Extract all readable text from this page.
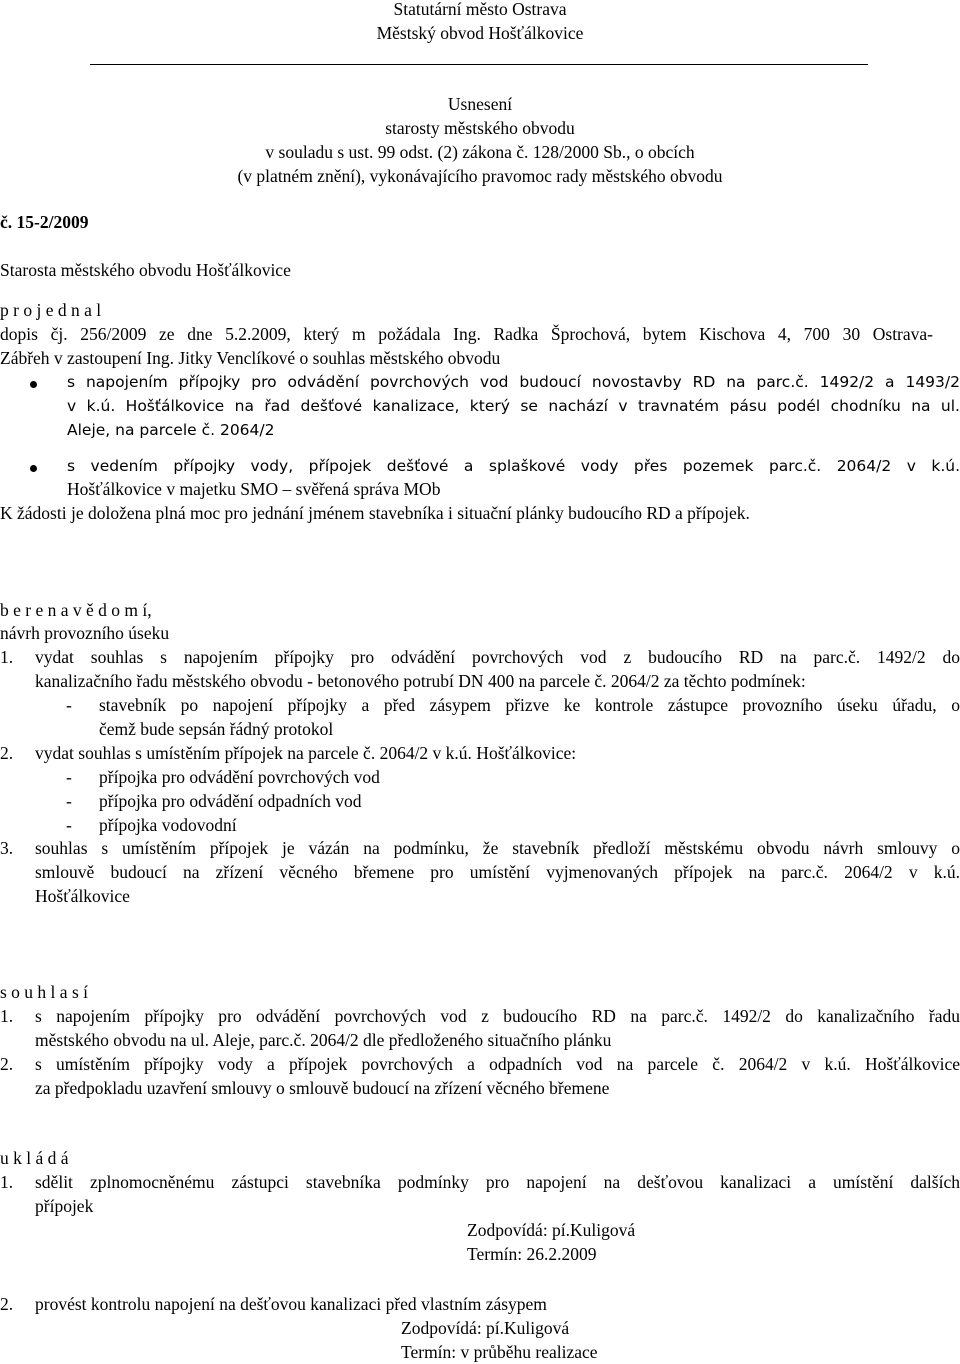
Statutární město Ostrava
Městský obvod Hošťálkovice
Usnesení
starosty městského obvodu
v souladu s ust. 99 odst. (2) zákona č. 128/2000 Sb., o obcích
(v platném znění), vykonávajícího pravomoc rady městského obvodu
č. 15-2/2009
Starosta městského obvodu Hošťálkovice
p r o j e d n a l
dopis čj. 256/2009 ze dne 5.2.2009, který m požádala Ing. Radka Šprochová, bytem Kischova 4, 700 30 Ostrava-
Zábřeh v zastoupení Ing. Jitky Venclíkové o souhlas městského obvodu
s napojením přípojky pro odvádění povrchových vod budoucí novostavby RD na parc.č. 1492/2 a 1493/2
v k.ú. Hošťálkovice na řad dešťové kanalizace, který se nachází v travnatém pásu podél chodníku na ul.
Aleje, na parcele č. 2064/2
s vedením přípojky vody, přípojek dešťové a splaškové vody přes pozemek parc.č. 2064/2 v k.ú.
Hošťálkovice v majetku SMO – svěřená správa MOb
K žádosti je doložena plná moc pro jednání jménem stavebníka i situační plánky budoucího RD a přípojek.
b e r e n a v ě d o m í,
návrh provozního úseku
1. vydat souhlas s napojením přípojky pro odvádění povrchových vod z budoucího RD na parc.č. 1492/2 do
kanalizačního řadu městského obvodu - betonového potrubí DN 400 na parcele č. 2064/2 za těchto podmínek:
- stavebník po napojení přípojky a před zásypem přizve ke kontrole zástupce provozního úseku úřadu, o
čemž bude sepsán řádný protokol
2. vydat souhlas s umístěním přípojek na parcele č. 2064/2 v k.ú. Hošťálkovice:
- přípojka pro odvádění povrchových vod
- přípojka pro odvádění odpadních vod
- přípojka vodovodní
3. souhlas s umístěním přípojek je vázán na podmínku, že stavebník předloží městskému obvodu návrh smlouvy o
smlouvě budoucí na zřízení věcného břemene pro umístění vyjmenovaných přípojek na parc.č. 2064/2 v k.ú.
Hošťálkovice
s o u h l a s í
1. s napojením přípojky pro odvádění povrchových vod z budoucího RD na parc.č. 1492/2 do kanalizačního řadu
městského obvodu na ul. Aleje, parc.č. 2064/2 dle předloženého situačního plánku
2. s umístěním přípojky vody a přípojek povrchových a odpadních vod na parcele č. 2064/2 v k.ú. Hošťálkovice
za předpokladu uzavření smlouvy o smlouvě budoucí na zřízení věcného břemene
u k l á d á
1. sdělit zplnomocněnému zástupci stavebníka podmínky pro napojení na dešťovou kanalizaci a umístění dalších
přípojek
Zodpovídá: pí.Kuligová
Termín: 26.2.2009
2. provést kontrolu napojení na dešťovou kanalizaci před vlastním zásypem
Zodpovídá: pí.Kuligová
Termín: v průběhu realizace
